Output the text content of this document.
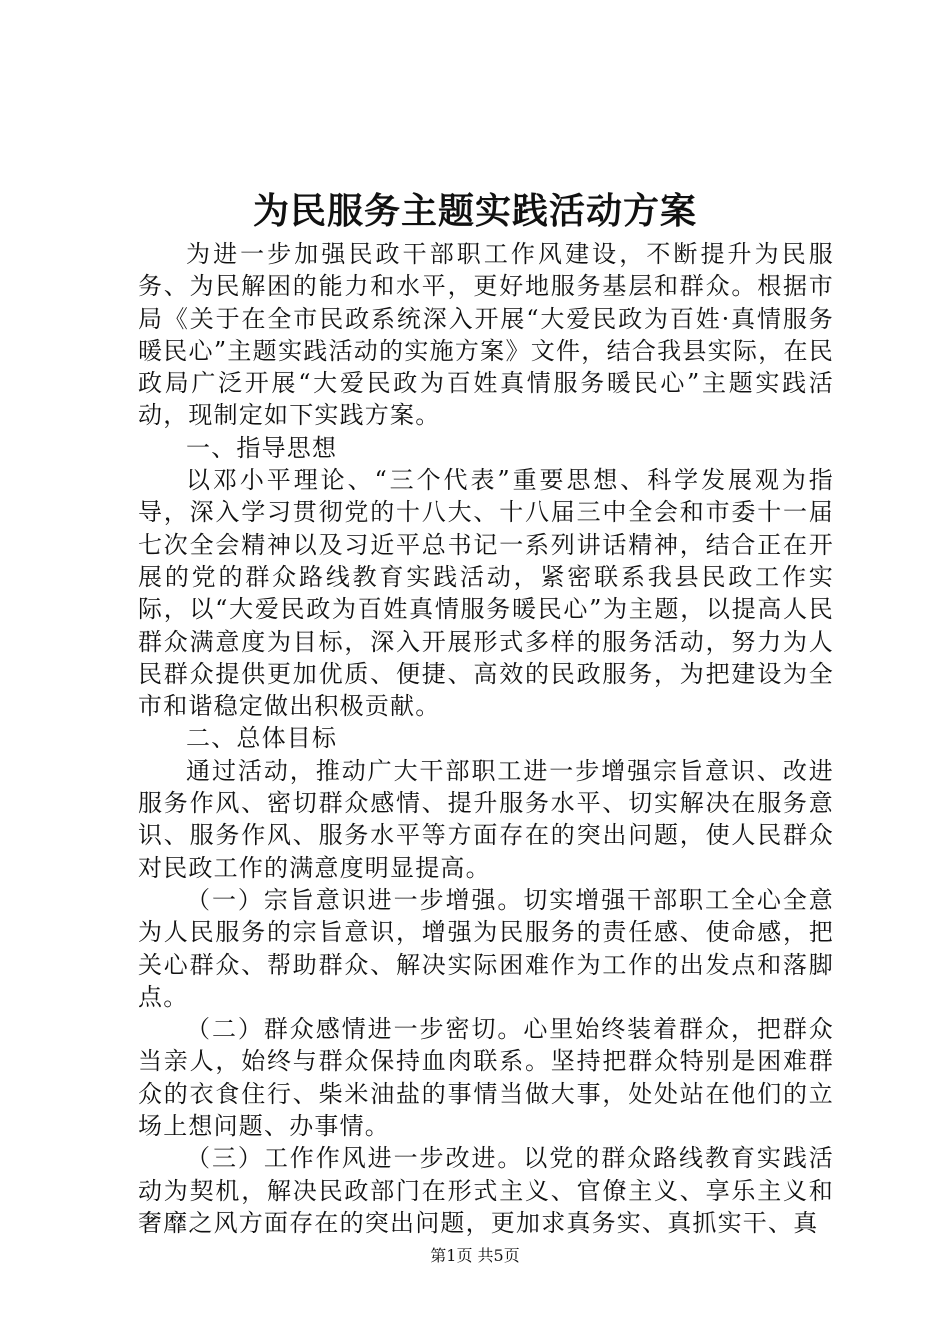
为民服务主题实践活动方案

为进一步加强民政干部职工作风建设，不断提升为民服务、为民解困的能力和水平，更好地服务基层和群众。根据市局《关于在全市民政系统深入开展“大爱民政为百姓·真情服务暖民心”主题实践活动的实施方案》文件，结合我县实际，在民政局广泛开展“大爱民政为百姓真情服务暖民心”主题实践活动，现制定如下实践方案。

一、指导思想

以邓小平理论、“三个代表”重要思想、科学发展观为指导，深入学习贯彻党的十八大、十八届三中全会和市委十一届七次全会精神以及习近平总书记一系列讲话精神，结合正在开展的党的群众路线教育实践活动，紧密联系我县民政工作实际，以“大爱民政为百姓真情服务暖民心”为主题，以提高人民群众满意度为目标，深入开展形式多样的服务活动，努力为人民群众提供更加优质、便捷、高效的民政服务，为把建设为全市和谐稳定做出积极贡献。

二、总体目标

通过活动，推动广大干部职工进一步增强宗旨意识、改进服务作风、密切群众感情、提升服务水平、切实解决在服务意识、服务作风、服务水平等方面存在的突出问题，使人民群众对民政工作的满意度明显提高。

（一）宗旨意识进一步增强。切实增强干部职工全心全意为人民服务的宗旨意识，增强为民服务的责任感、使命感，把关心群众、帮助群众、解决实际困难作为工作的出发点和落脚点。

（二）群众感情进一步密切。心里始终装着群众，把群众当亲人，始终与群众保持血肉联系。坚持把群众特别是困难群众的衣食住行、柴米油盐的事情当做大事，处处站在他们的立场上想问题、办事情。

（三）工作作风进一步改进。以党的群众路线教育实践活动为契机，解决民政部门在形式主义、官僚主义、享乐主义和奢靡之风方面存在的突出问题，更加求真务实、真抓实干、真

第1页 共5页
